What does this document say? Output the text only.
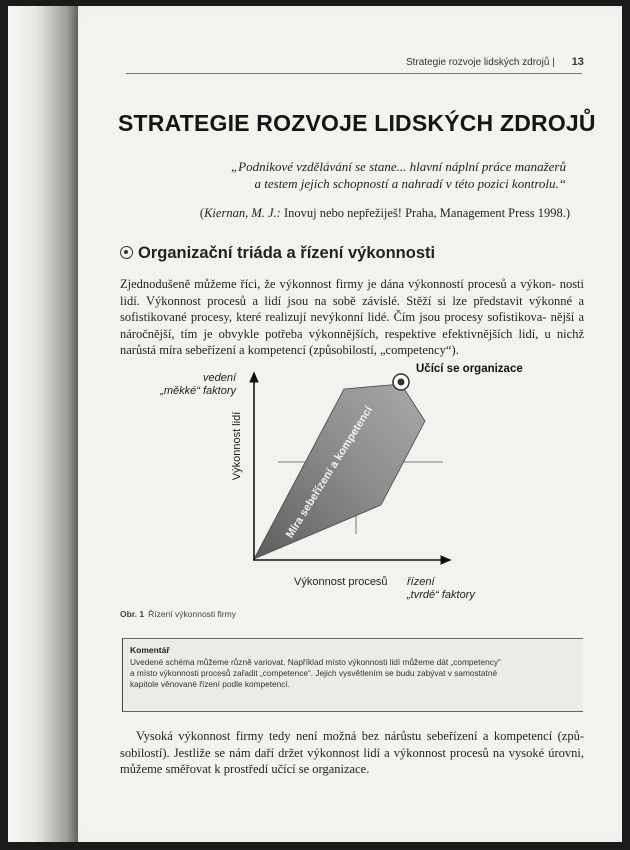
Strategie rozvoje lidských zdrojů | 13
STRATEGIE ROZVOJE LIDSKÝCH ZDROJŮ
„Podnikové vzdělávání se stane... hlavní náplní práce manažerů
a testem jejich schopností a nahradí v této pozici kontrolu.“
(Kiernan, M. J.: Inovuj nebo nepřežiješ! Praha, Management Press 1998.)
Organizační triáda a řízení výkonnosti
Zjednodušeně můžeme říci, že výkonnost firmy je dána výkonností procesů a výkon- nosti lidí. Výkonnost procesů a lidí jsou na sobě závislé. Stěží si lze představit výkonné a sofistikované procesy, které realizují nevýkonní lidé. Čím jsou procesy sofistikova- nější a náročnější, tím je obvykle potřeba výkonnějších, respektive efektivnějších lidí, u nichž narůstá míra sebeřízení a kompetencí (způsobilostí, „competency“).
Učící se organizace
vedení
„měkké“ faktory
Výkonnost lidí
Výkonnost procesů řízení
„tvrdé“ faktory
Míra sebeřízení a kompetencí
Obr. 1 Řízení výkonnosti firmy
Komentář
Uvedené schéma můžeme různě variovat. Například místo výkonnosti lidí můžeme dát „competency“
a místo výkonnosti procesů zařadit „competence“. Jejich vysvětlením se budu zabývat v samostatné
kapitole věnované řízení podle kompetencí.
Vysoká výkonnost firmy tedy není možná bez nárůstu sebeřízení a kompetencí (způ- sobilostí). Jestliže se nám daří držet výkonnost lidí a výkonnost procesů na vysoké úrovni, můžeme směřovat k prostředí učící se organizace.
